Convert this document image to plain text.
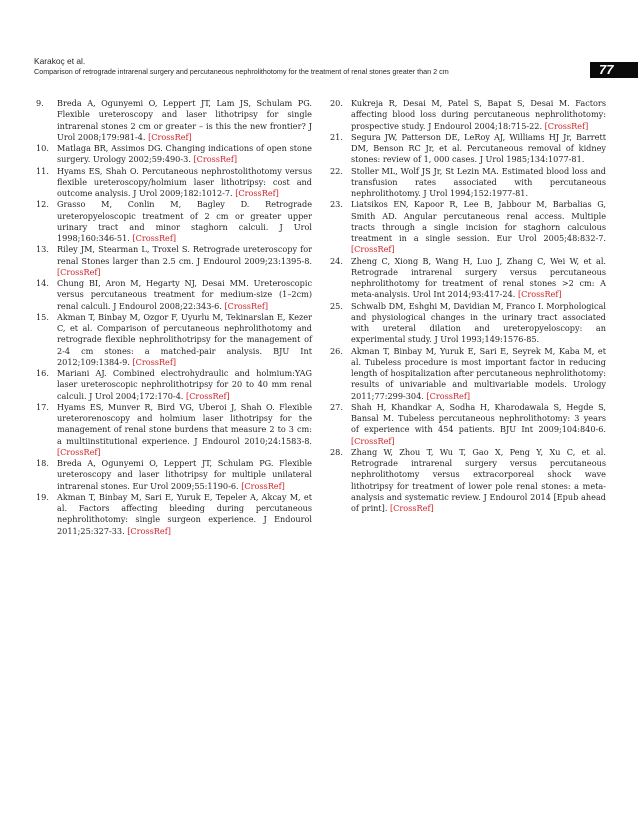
Karakoç et al.
Comparison of retrograde intrarenal surgery and percutaneous nephrolithotomy for the treatment of renal stones greater than 2 cm	77
9. Breda A, Ogunyemi O, Leppert JT, Lam JS, Schulam PG. Flexible ureteroscopy and laser lithotripsy for single intrarenal stones 2 cm or greater – is this the new frontier? J Urol 2008;179:981-4. [CrossRef]
10. Matlaga BR, Assimos DG. Changing indications of open stone surgery. Urology 2002;59:490-3. [CrossRef]
11. Hyams ES, Shah O. Percutaneous nephrostolithotomy versus flexible ureteroscopy/holmium laser lithotripsy: cost and outcome analysis. J Urol 2009;182:1012-7. [CrossRef]
12. Grasso M, Conlin M, Bagley D. Retrograde ureteropyeloscopic treatment of 2 cm or greater upper urinary tract and minor staghorn calculi. J Urol 1998;160:346-51. [CrossRef]
13. Riley JM, Stearman L, Troxel S. Retrograde ureteroscopy for renal Stones larger than 2.5 cm. J Endourol 2009;23:1395-8. [CrossRef]
14. Chung BI, Aron M, Hegarty NJ, Desai MM. Ureteroscopic versus percutaneous treatment for medium-size (1–2cm) renal calculi. J Endourol 2008;22:343-6. [CrossRef]
15. Akman T, Binbay M, Ozgor F, Uyurlu M, Tekinarslan E, Kezer C, et al. Comparison of percutaneous nephrolithotomy and retrograde flexible nephrolithotripsy for the management of 2-4 cm stones: a matched-pair analysis. BJU Int 2012;109:1384-9. [CrossRef]
16. Mariani AJ. Combined electrohydraulic and holmium:YAG laser ureteroscopic nephrolithotripsy for 20 to 40 mm renal calculi. J Urol 2004;172:170-4. [CrossRef]
17. Hyams ES, Munver R, Bird VG, Uberoi J, Shah O. Flexible ureterorenoscopy and holmium laser lithotripsy for the management of renal stone burdens that measure 2 to 3 cm: a multiinstitutional experience. J Endourol 2010;24:1583-8. [CrossRef]
18. Breda A, Ogunyemi O, Leppert JT, Schulam PG. Flexible ureteroscopy and laser lithotripsy for multiple unilateral intrarenal stones. Eur Urol 2009;55:1190-6. [CrossRef]
19. Akman T, Binbay M, Sari E, Yuruk E, Tepeler A, Akcay M, et al. Factors affecting bleeding during percutaneous nephrolithotomy: single surgeon experience. J Endourol 2011;25:327-33. [CrossRef]
20. Kukreja R, Desai M, Patel S, Bapat S, Desai M. Factors affecting blood loss during percutaneous nephrolithotomy: prospective study. J Endourol 2004;18:715-22. [CrossRef]
21. Segura JW, Patterson DE, LeRoy AJ, Williams HJ Jr, Barrett DM, Benson RC Jr, et al. Percutaneous removal of kidney stones: review of 1, 000 cases. J Urol 1985;134:1077-81.
22. Stoller ML, Wolf JS Jr, St Lezin MA. Estimated blood loss and transfusion rates associated with percutaneous nephrolithotomy. J Urol 1994;152:1977-81.
23. Liatsikos EN, Kapoor R, Lee B, Jabbour M, Barbalias G, Smith AD. Angular percutaneous renal access. Multiple tracts through a single incision for staghorn calculous treatment in a single session. Eur Urol 2005;48:832-7. [CrossRef]
24. Zheng C, Xiong B, Wang H, Luo J, Zhang C, Wei W, et al. Retrograde intrarenal surgery versus percutaneous nephrolithotomy for treatment of renal stones >2 cm: A meta-analysis. Urol Int 2014;93:417-24. [CrossRef]
25. Schwalb DM, Eshghi M, Davidian M, Franco I. Morphological and physiological changes in the urinary tract associated with ureteral dilation and ureteropyeloscopy: an experimental study. J Urol 1993;149:1576-85.
26. Akman T, Binbay M, Yuruk E, Sari E, Seyrek M, Kaba M, et al. Tubeless procedure is most important factor in reducing length of hospitalization after percutaneous nephrolithotomy: results of univariable and multivariable models. Urology 2011;77:299-304. [CrossRef]
27. Shah H, Khandkar A, Sodha H, Kharodawala S, Hegde S, Bansal M. Tubeless percutaneous nephrolithotomy: 3 years of experience with 454 patients. BJU Int 2009;104:840-6. [CrossRef]
28. Zhang W, Zhou T, Wu T, Gao X, Peng Y, Xu C, et al. Retrograde intrarenal surgery versus percutaneous nephrolithotomy versus extracorporeal shock wave lithotripsy for treatment of lower pole renal stones: a meta-analysis and systematic review. J Endourol 2014 [Epub ahead of print]. [CrossRef]
